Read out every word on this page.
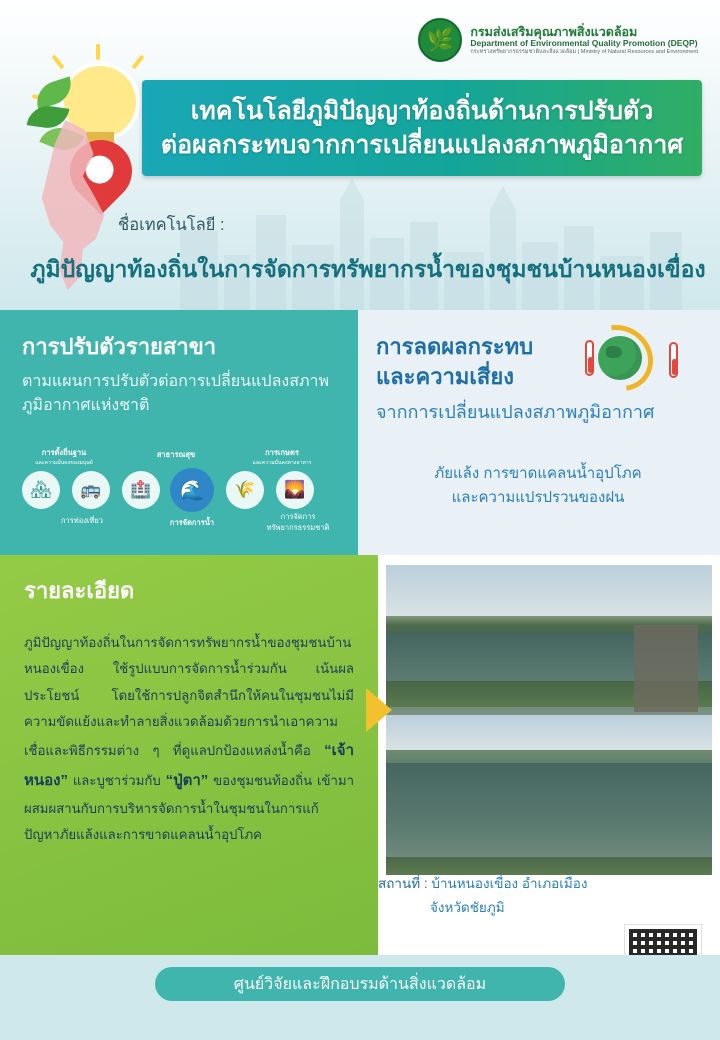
🌿	กรมส่งเสริมคุณภาพสิ่งแวดล้อม
Department of Environmental Quality Promotion (DEQP)
กระทรวงทรัพยากรธรรมชาติและสิ่งแวดล้อม | Ministry of Natural Resources and Environment
เทคโนโลยีภูมิปัญญาท้องถิ่นด้านการปรับตัว
ต่อผลกระทบจากการเปลี่ยนแปลงสภาพภูมิอากาศ
ชื่อเทคโนโลยี :
ภูมิปัญญาท้องถิ่นในการจัดการทรัพยากรน้ำของชุมชนบ้านหนองเขื่อง
การปรับตัวรายสาขา

ตามแผนการปรับตัวต่อการเปลี่ยนแปลงสภาพภูมิอากาศแห่งชาติ

การตั้งถิ่นฐาน
และความมั่นคงของมนุษย์
สาธารณสุข	การเกษตร
และความมั่นคงทางอาหาร
🏘	🚌	🏥	🌊	🌾	🌄
การท่องเที่ยว	การจัดการน้ำ
การจัดการ
ทรัพยากรธรรมชาติ
การลดผลกระทบ
และความเสี่ยง
จากการเปลี่ยนแปลงสภาพภูมิอากาศ
ภัยแล้ง การขาดแคลนน้ำอุปโภค
และความแปรปรวนของฝน
รายละเอียด
ภูมิปัญญาท้องถิ่นในการจัดการทรัพยากรน้ำของชุมชนบ้านหนองเขื่อง ใช้รูปแบบการจัดการน้ำร่วมกัน เน้นผลประโยชน์ โดยใช้การปลูกจิตสำนึกให้คนในชุมชนไม่มีความขัดแย้งและทำลายสิ่งแวดล้อมด้วยการนำเอาความเชื่อและพิธีกรรมต่าง ๆ ที่ดูแลปกป้องแหล่งน้ำคือ “เจ้าหนอง” และบูชาร่วมกับ “ปู่ตา” ของชุมชนท้องถิ่น เข้ามาผสมผสานกับการบริหารจัดการน้ำในชุมชนในการแก้ปัญหาภัยแล้งและการขาดแคลนน้ำอุปโภค
สถานที่ : บ้านหนองเขื่อง อำเภอเมือง
จังหวัดชัยภูมิ
ศูนย์วิจัยและฝึกอบรมด้านสิ่งแวดล้อม
